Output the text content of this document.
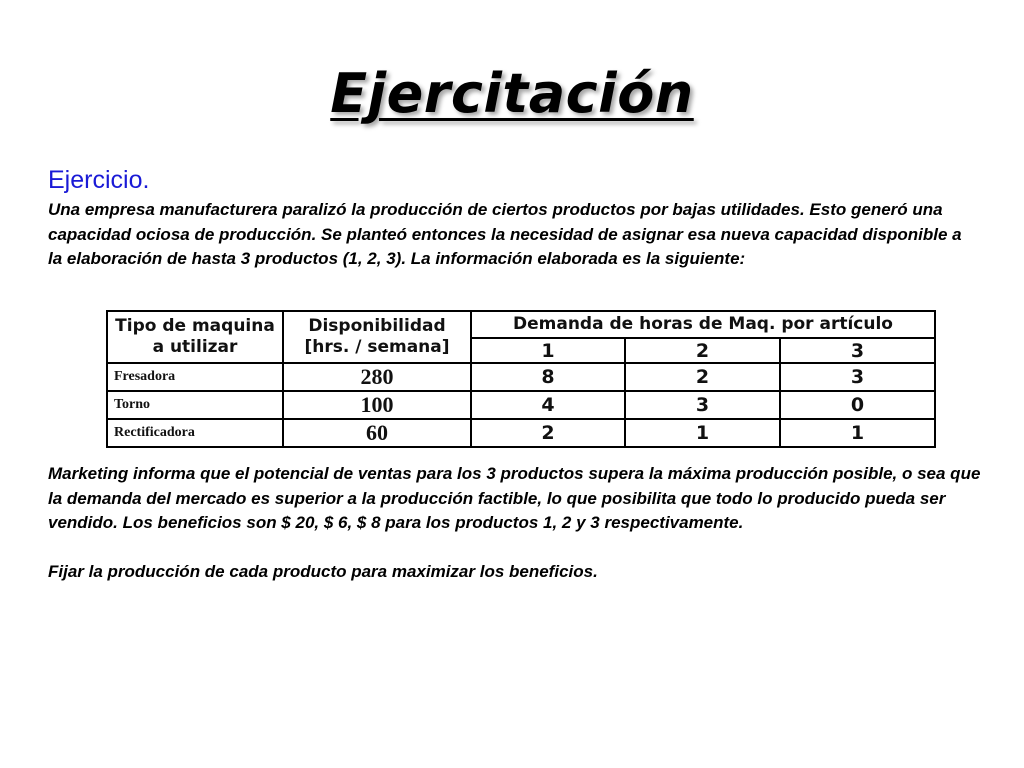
Ejercitación
Ejercicio.

Una empresa manufacturera paralizó la producción de ciertos productos por bajas utilidades. Esto generó una capacidad ociosa de producción. Se planteó entonces la necesidad de asignar esa nueva capacidad disponible a la elaboración de hasta 3 productos (1, 2, 3). La información elaborada es la siguiente:

Tipo de maquina a utilizar	Disponibilidad [hrs. / semana]	Demanda de horas de Maq. por artículo		
		1	2	3
Fresadora	280	8	2	3
Torno	100	4	3	0
Rectificadora	60	2	1	1

Marketing informa que el potencial de ventas para los 3 productos supera la máxima producción posible, o sea que la demanda del mercado es superior a la producción factible, lo que posibilita que todo lo producido pueda ser vendido. Los beneficios son $ 20, $ 6, $ 8 para los productos 1, 2 y 3 respectivamente.

Fijar la producción de cada producto para maximizar los beneficios.
